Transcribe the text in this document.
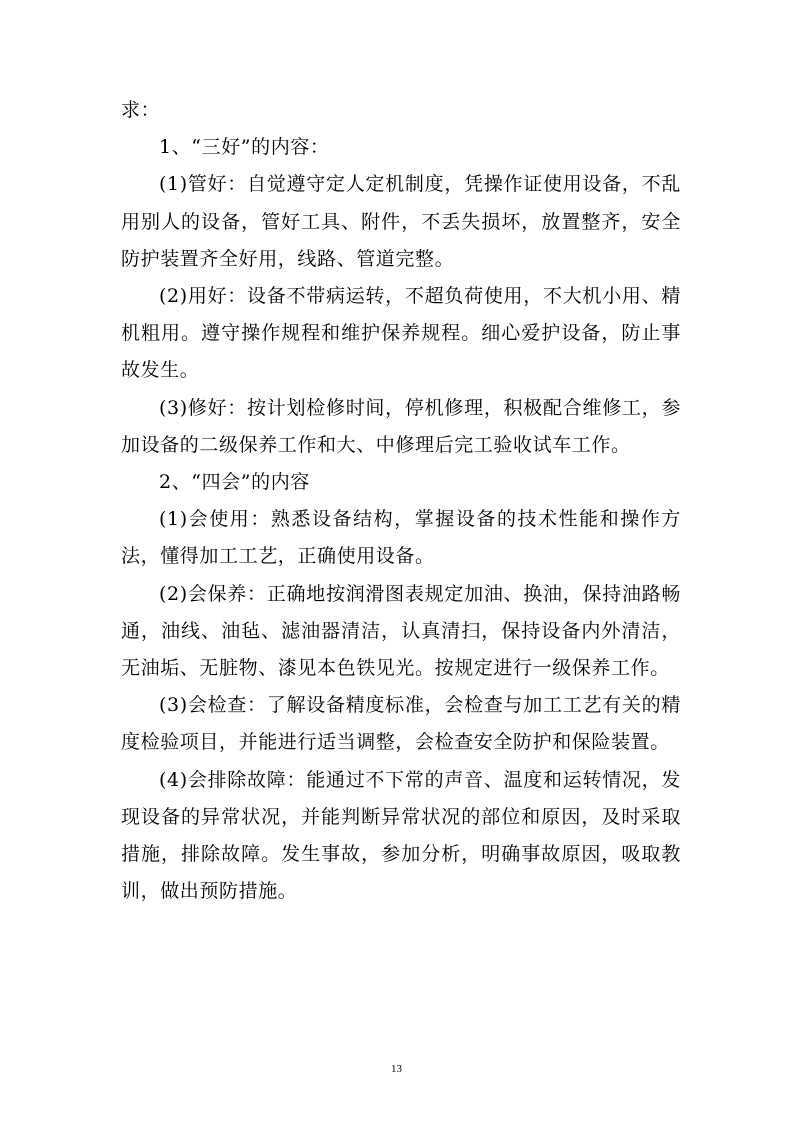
求：

1、“三好”的内容：

(1)管好：自觉遵守定人定机制度，凭操作证使用设备，不乱用别人的设备，管好工具、附件，不丢失损坏，放置整齐，安全防护装置齐全好用，线路、管道完整。

(2)用好：设备不带病运转，不超负荷使用，不大机小用、精机粗用。遵守操作规程和维护保养规程。细心爱护设备，防止事故发生。

(3)修好：按计划检修时间，停机修理，积极配合维修工，参加设备的二级保养工作和大、中修理后完工验收试车工作。

2、“四会”的内容

(1)会使用：熟悉设备结构，掌握设备的技术性能和操作方法，懂得加工工艺，正确使用设备。

(2)会保养：正确地按润滑图表规定加油、换油，保持油路畅通，油线、油毡、滤油器清洁，认真清扫，保持设备内外清洁，无油垢、无脏物、漆见本色铁见光。按规定进行一级保养工作。

(3)会检查：了解设备精度标准，会检查与加工工艺有关的精度检验项目，并能进行适当调整，会检查安全防护和保险装置。

(4)会排除故障：能通过不下常的声音、温度和运转情况，发现设备的异常状况，并能判断异常状况的部位和原因，及时采取措施，排除故障。发生事故，参加分析，明确事故原因，吸取教训，做出预防措施。

13
